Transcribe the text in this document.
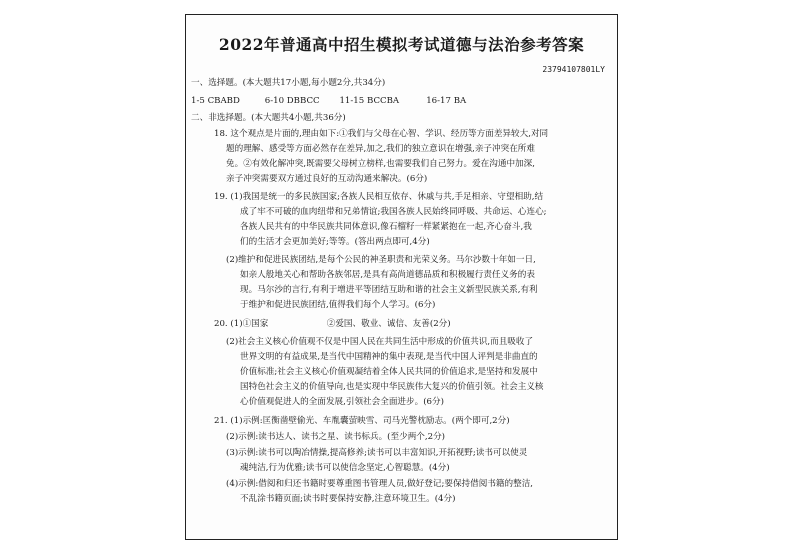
2022年普通高中招生模拟考试道德与法治参考答案
23794107801LY
一、选择题。(本大题共17小题,每小题2分,共34分)
1-5 CBABD	6-10 DBBCC 11-15 BCCBA	16-17 BA
二、非选择题。(本大题共4小题,共36分)
18. 这个观点是片面的,理由如下:①我们与父母在心智、学识、经历等方面差异较大,对同
题的理解、感受等方面必然存在差异,加之,我们的独立意识在增强,亲子冲突在所难
免。②有效化解冲突,既需要父母树立榜样,也需要我们自己努力。爱在沟通中加深,
亲子冲突需要双方通过良好的互动沟通来解决。(6分)
19. (1)我国是统一的多民族国家;各族人民相互依存、休戚与共,手足相亲、守望相助,结
成了牢不可破的血肉纽带和兄弟情谊;我国各族人民始终同呼吸、共命运、心连心;
各族人民共有的中华民族共同体意识,像石榴籽一样紧紧抱在一起,齐心奋斗,我
们的生活才会更加美好;等等。(答出两点即可,4分)
(2)维护和促进民族团结,是每个公民的神圣职责和光荣义务。马尔沙数十年如一日,
如亲人般地关心和帮助各族邻居,是具有高尚道德品质和积极履行责任义务的表
现。马尔沙的言行,有利于增进平等团结互助和谐的社会主义新型民族关系,有利
于维护和促进民族团结,值得我们每个人学习。(6分)
20. (1)①国家	②爱国、敬业、诚信、友善(2分)
(2)社会主义核心价值观不仅是中国人民在共同生活中形成的价值共识,而且吸收了
世界文明的有益成果,是当代中国精神的集中表现,是当代中国人评判是非曲直的
价值标准;社会主义核心价值观凝结着全体人民共同的价值追求,是坚持和发展中
国特色社会主义的价值导向,也是实现中华民族伟大复兴的价值引领。社会主义核
心价值观促进人的全面发展,引领社会全面进步。(6分)
21. (1)示例:匡衡凿壁偷光、车胤囊萤映雪、司马光警枕励志。(两个即可,2分)
(2)示例:读书达人、读书之星、读书标兵。(至少两个,2分)
(3)示例:读书可以陶冶情操,提高修养;读书可以丰富知识,开拓视野;读书可以使灵
魂纯洁,行为优雅;读书可以使信念坚定,心智聪慧。(4分)
(4)示例:借阅和归还书籍时要尊重图书管理人员,做好登记;要保持借阅书籍的整洁,
不乱涂书籍页面;读书时要保持安静,注意环境卫生。(4分)
